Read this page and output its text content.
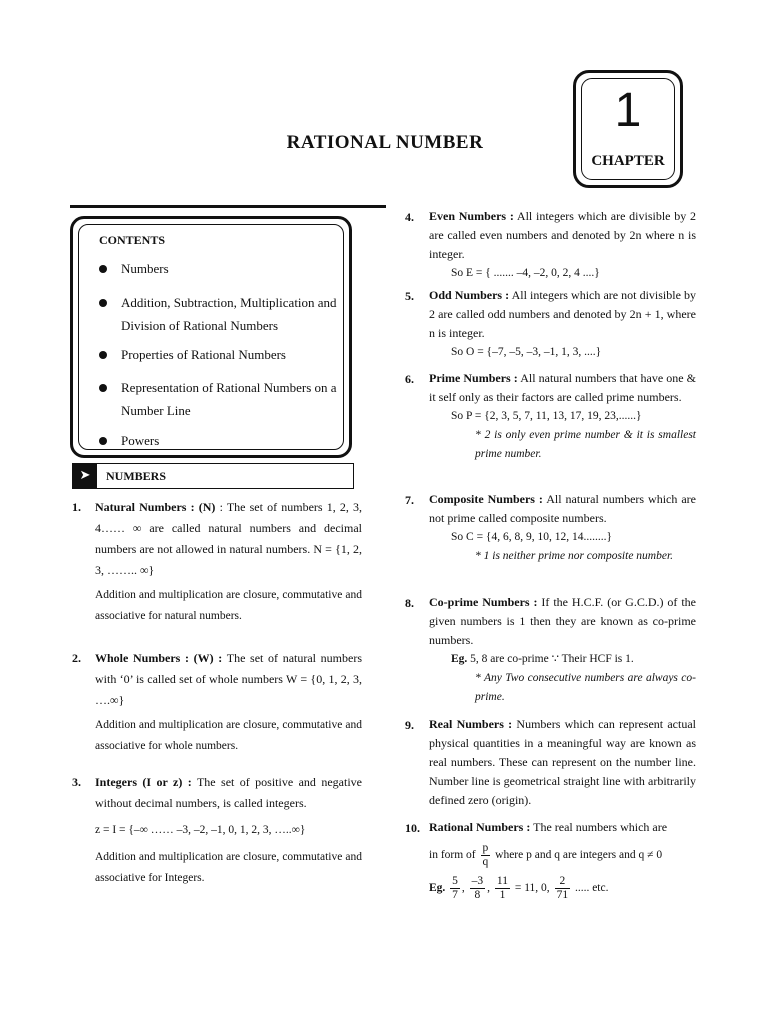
RATIONAL NUMBER
1
CHAPTER
CONTENTS
Numbers
Addition, Subtraction, Multiplication and Division of Rational Numbers
Properties of Rational Numbers
Representation of Rational Numbers on a Number Line
Powers
➤	NUMBERS
1. Natural Numbers : (N) : The set of numbers 1, 2, 3, 4…… ∞ are called natural numbers and decimal numbers are not allowed in natural numbers. N = {1, 2, 3, …….. ∞}
Addition and multiplication are closure, commutative and associative for natural numbers.
2. Whole Numbers : (W) : The set of natural numbers with ‘0’ is called set of whole numbers W = {0, 1, 2, 3, ….∞}
Addition and multiplication are closure, commutative and associative for whole numbers.
3. Integers (I or z) : The set of positive and negative without decimal numbers, is called integers.
z = I = {–∞ …… –3, –2, –1, 0, 1, 2, 3, …..∞}
Addition and multiplication are closure, commutative and associative for Integers.
4. Even Numbers : All integers which are divisible by 2 are called even numbers and denoted by 2n where n is integer.
So E = { ....... –4, –2, 0, 2, 4 ....}
5. Odd Numbers : All integers which are not divisible by 2 are called odd numbers and denoted by 2n + 1, where n is integer.
So O = {–7, –5, –3, –1, 1, 3, ....}
6. Prime Numbers : All natural numbers that have one & it self only as their factors are called prime numbers.
So P = {2, 3, 5, 7, 11, 13, 17, 19, 23,......}
* 2 is only even prime number & it is smallest prime number.
7. Composite Numbers : All natural numbers which are not prime called composite numbers.
So C = {4, 6, 8, 9, 10, 12, 14........}
* 1 is neither prime nor composite number.
8. Co-prime Numbers : If the H.C.F. (or G.C.D.) of the given numbers is 1 then they are known as co-prime numbers.
Eg. 5, 8 are co-prime ∵ Their HCF is 1.
* Any Two consecutive numbers are always co-prime.
9. Real Numbers : Numbers which can represent actual physical quantities in a meaningful way are known as real numbers. These can represent on the number line. Number line is geometrical straight line with arbitrarily defined zero (origin).
10. Rational Numbers : The real numbers which are
in form of $\frac{p}{q}$ where p and q are integers and q ≠ 0
Eg. $\frac{5}{7}$ , $\frac{-3}{8}$ , $\frac{11}{1} = 11$, 0, $\frac{2}{71}$ ..... etc.
